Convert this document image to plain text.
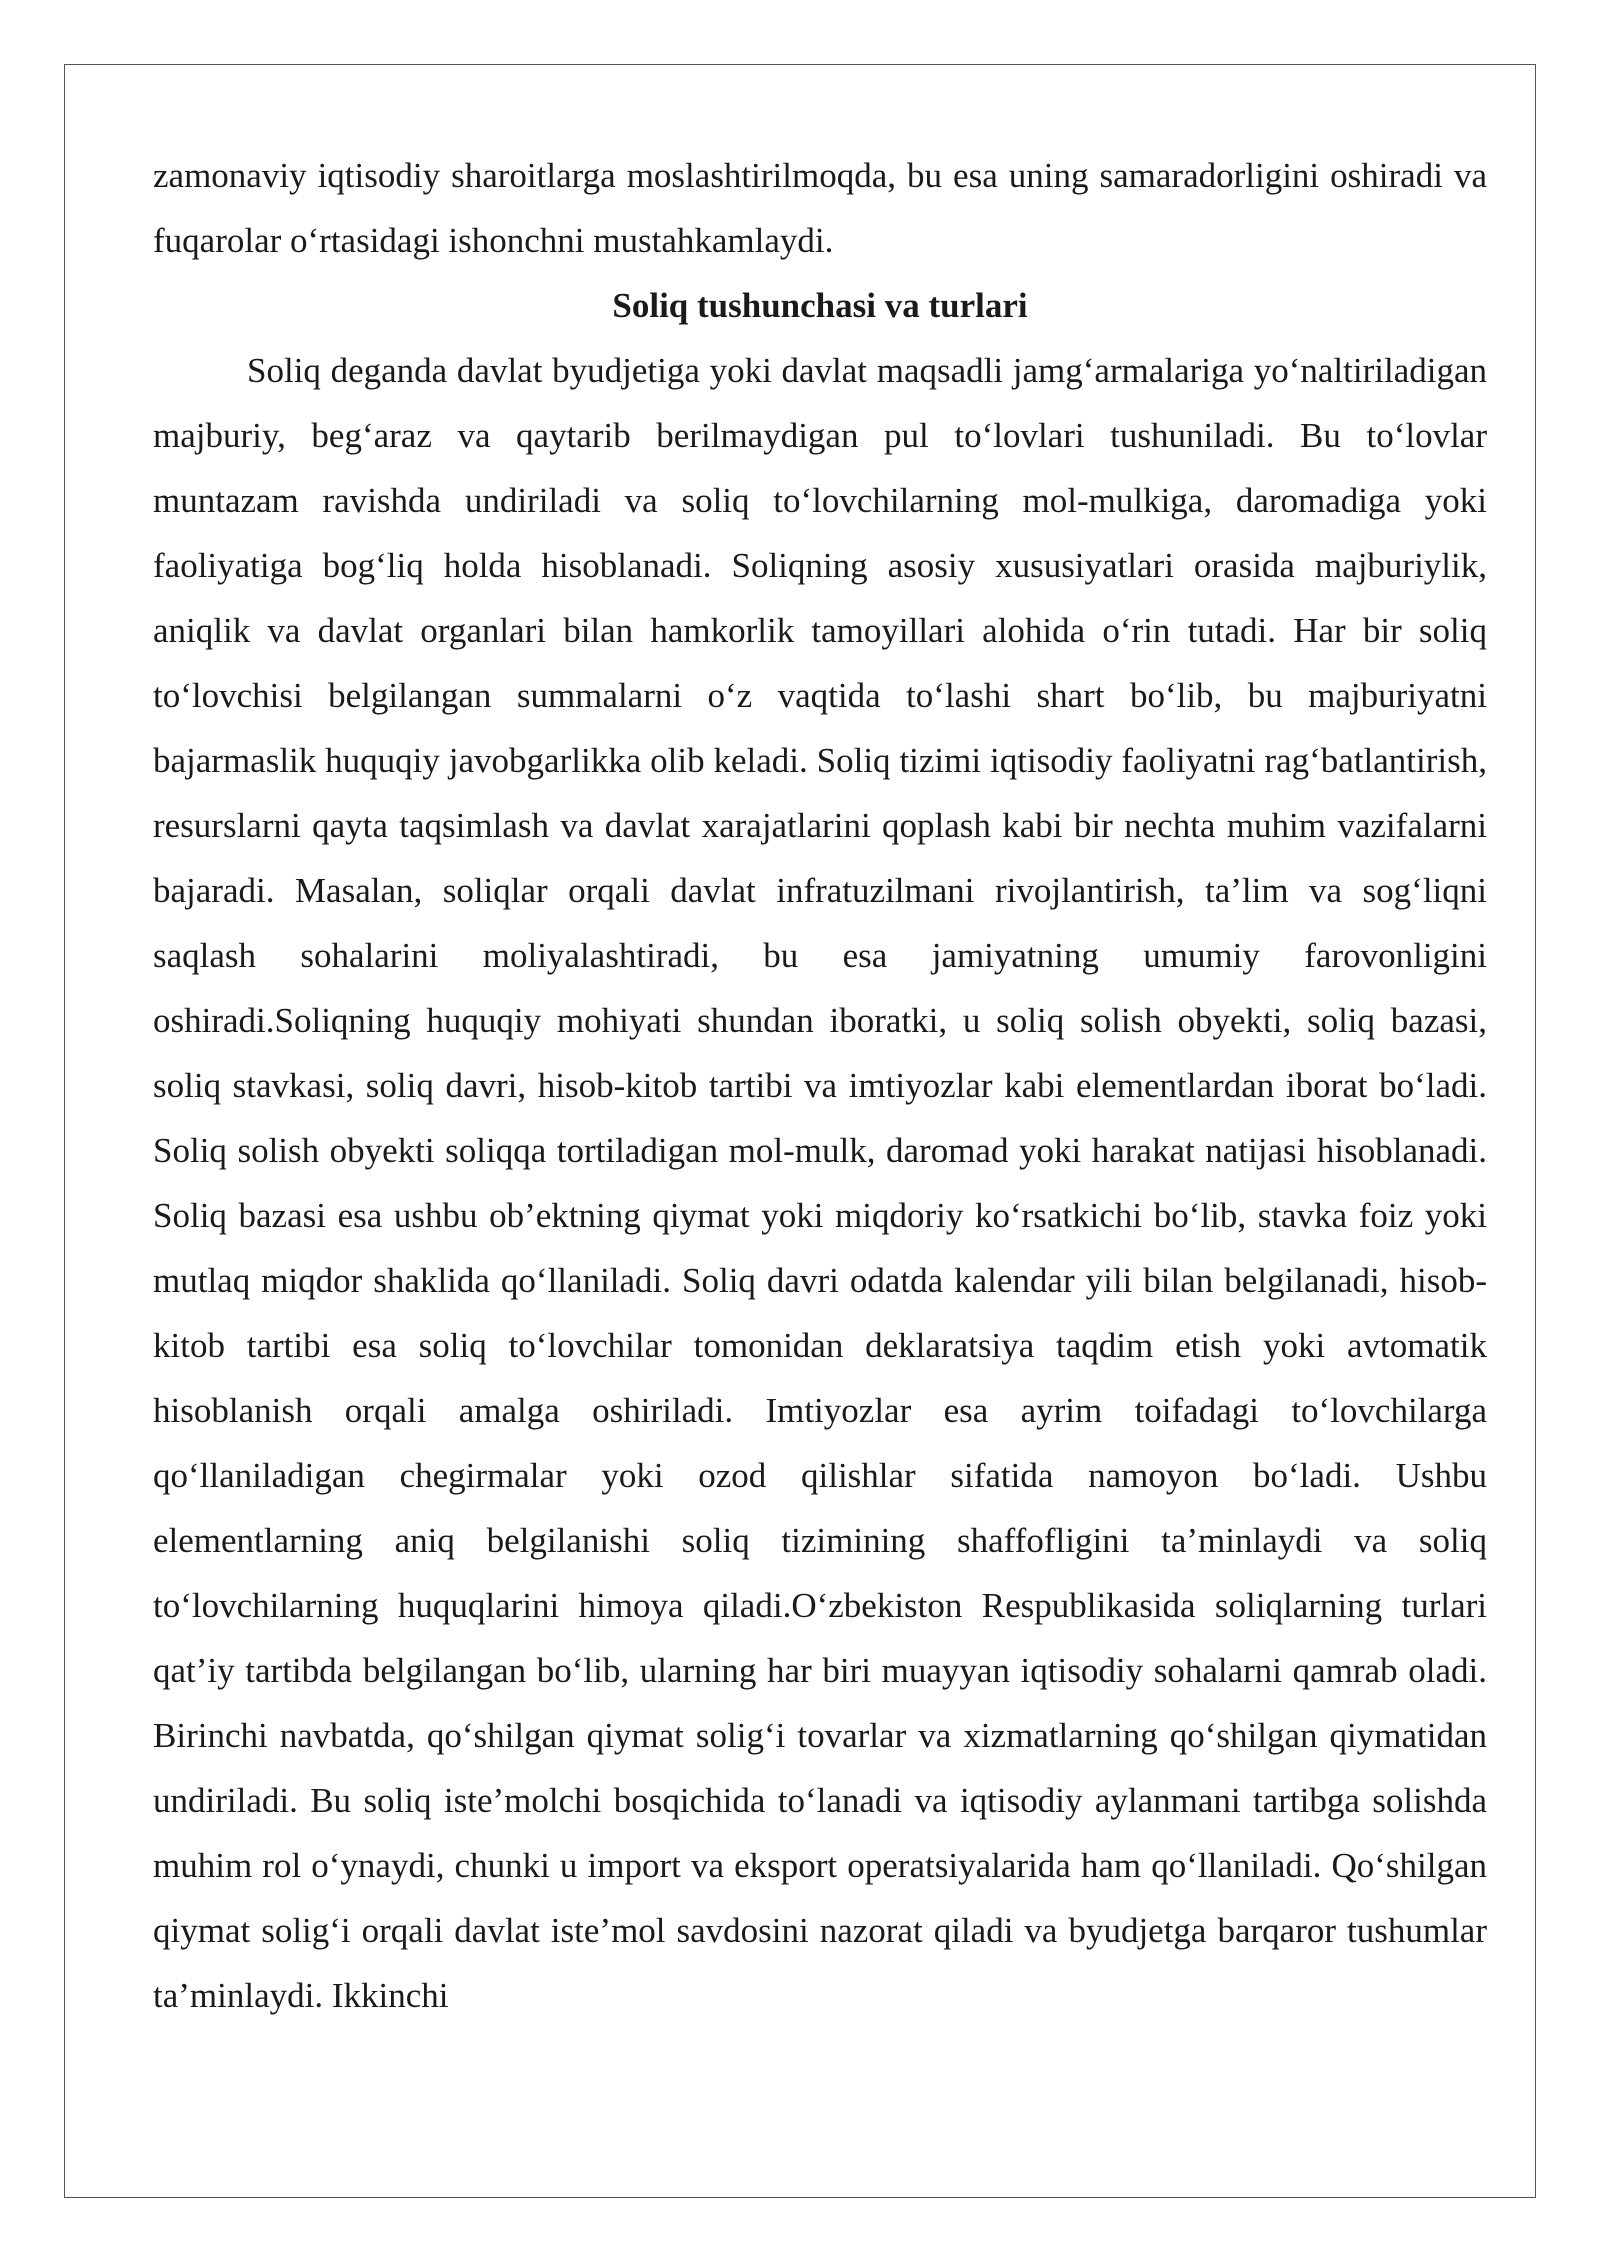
zamonaviy iqtisodiy sharoitlarga moslashtirilmoqda, bu esa uning samaradorligini oshiradi va fuqarolar o‘rtasidagi ishonchni mustahkamlaydi.

Soliq tushunchasi va turlari

Soliq deganda davlat byudjetiga yoki davlat maqsadli jamg‘armalariga yo‘naltiriladigan majburiy, beg‘araz va qaytarib berilmaydigan pul to‘lovlari tushuniladi. Bu to‘lovlar muntazam ravishda undiriladi va soliq to‘lovchilarning mol-mulkiga, daromadiga yoki faoliyatiga bog‘liq holda hisoblanadi. Soliqning asosiy xususiyatlari orasida majburiylik, aniqlik va davlat organlari bilan hamkorlik tamoyillari alohida o‘rin tutadi. Har bir soliq to‘lovchisi belgilangan summalarni o‘z vaqtida to‘lashi shart bo‘lib, bu majburiyatni bajarmaslik huquqiy javobgarlikka olib keladi. Soliq tizimi iqtisodiy faoliyatni rag‘batlantirish, resurslarni qayta taqsimlash va davlat xarajatlarini qoplash kabi bir nechta muhim vazifalarni bajaradi. Masalan, soliqlar orqali davlat infratuzilmani rivojlantirish, ta’lim va sog‘liqni saqlash sohalarini moliyalashtiradi, bu esa jamiyatning umumiy farovonligini oshiradi.Soliqning huquqiy mohiyati shundan iboratki, u soliq solish obyekti, soliq bazasi, soliq stavkasi, soliq davri, hisob-kitob tartibi va imtiyozlar kabi elementlardan iborat bo‘ladi. Soliq solish obyekti soliqqa tortiladigan mol-mulk, daromad yoki harakat natijasi hisoblanadi. Soliq bazasi esa ushbu ob’ektning qiymat yoki miqdoriy ko‘rsatkichi bo‘lib, stavka foiz yoki mutlaq miqdor shaklida qo‘llaniladi. Soliq davri odatda kalendar yili bilan belgilanadi, hisob-kitob tartibi esa soliq to‘lovchilar tomonidan deklaratsiya taqdim etish yoki avtomatik hisoblanish orqali amalga oshiriladi. Imtiyozlar esa ayrim toifadagi to‘lovchilarga qo‘llaniladigan chegirmalar yoki ozod qilishlar sifatida namoyon bo‘ladi. Ushbu elementlarning aniq belgilanishi soliq tizimining shaffofligini ta’minlaydi va soliq to‘lovchilarning huquqlarini himoya qiladi.O‘zbekiston Respublikasida soliqlarning turlari qat’iy tartibda belgilangan bo‘lib, ularning har biri muayyan iqtisodiy sohalarni qamrab oladi. Birinchi navbatda, qo‘shilgan qiymat solig‘i tovarlar va xizmatlarning qo‘shilgan qiymatidan undiriladi. Bu soliq iste’molchi bosqichida to‘lanadi va iqtisodiy aylanmani tartibga solishda muhim rol o‘ynaydi, chunki u import va eksport operatsiyalarida ham qo‘llaniladi. Qo‘shilgan qiymat solig‘i orqali davlat iste’mol savdosini nazorat qiladi va byudjetga barqaror tushumlar ta’minlaydi. Ikkinchi
